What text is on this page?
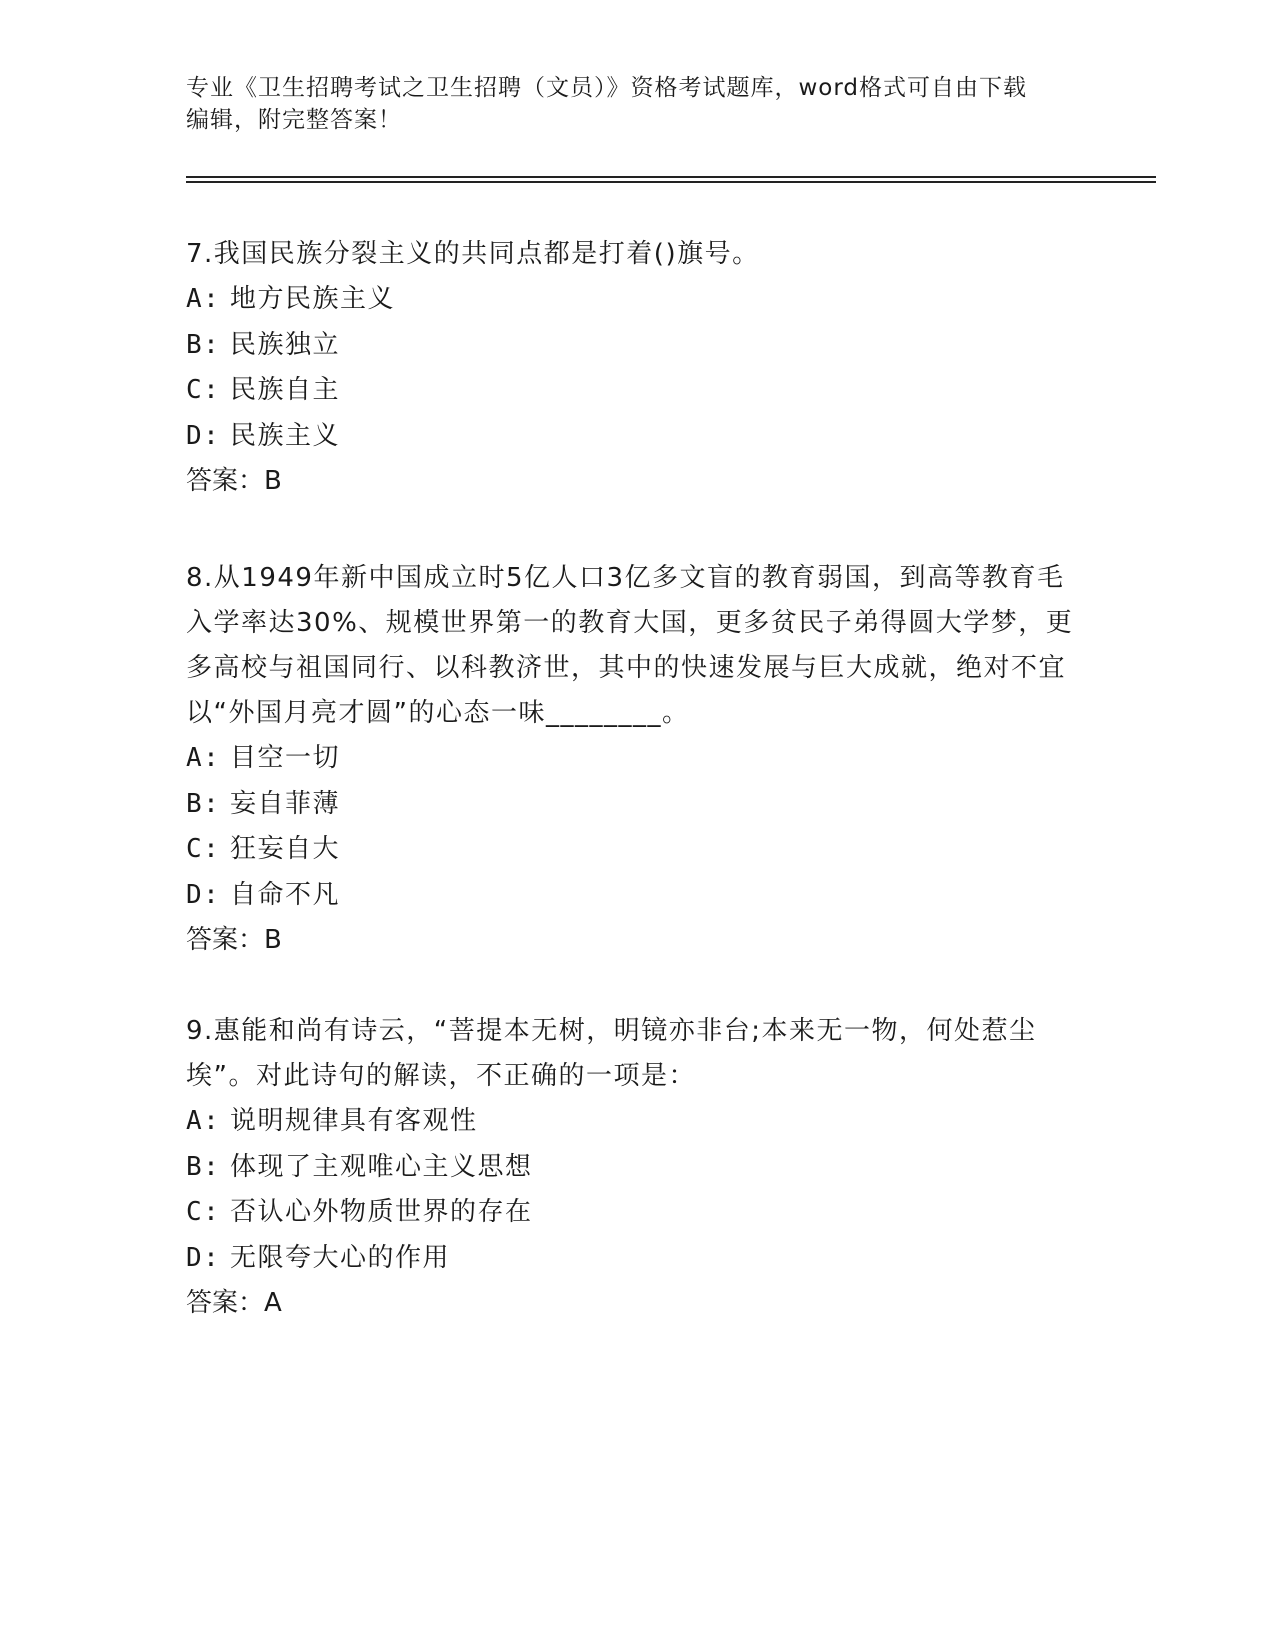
专业《卫生招聘考试之卫生招聘（文员）》资格考试题库，word格式可自由下载
编辑，附完整答案！

7.我国民族分裂主义的共同点都是打着()旗号。

A: 地方民族主义

B: 民族独立

C: 民族自主

D: 民族主义

答案：B

8.从1949年新中国成立时5亿人口3亿多文盲的教育弱国，到高等教育毛入学率达30%、规模世界第一的教育大国，更多贫民子弟得圆大学梦，更多高校与祖国同行、以科教济世，其中的快速发展与巨大成就，绝对不宜以“外国月亮才圆”的心态一味________。

A: 目空一切

B: 妄自菲薄

C: 狂妄自大

D: 自命不凡

答案：B

9.惠能和尚有诗云，“菩提本无树，明镜亦非台;本来无一物，何处惹尘埃”。对此诗句的解读，不正确的一项是：

A: 说明规律具有客观性

B: 体现了主观唯心主义思想

C: 否认心外物质世界的存在

D: 无限夸大心的作用

答案：A
